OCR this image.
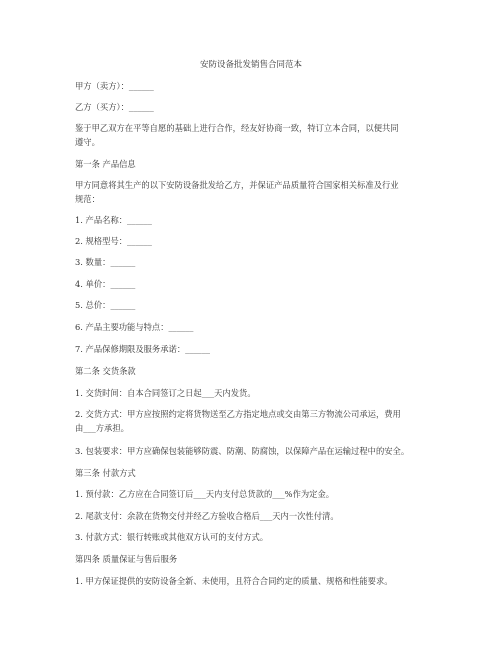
安防设备批发销售合同范本
甲方（卖方）：______
乙方（买方）：______
鉴于甲乙双方在平等自愿的基础上进行合作，经友好协商一致，特订立本合同，以便共同
遵守。
第一条 产品信息
甲方同意将其生产的以下安防设备批发给乙方，并保证产品质量符合国家相关标准及行业
规范：
1. 产品名称：______
2. 规格型号：______
3. 数量：______
4. 单价：______
5. 总价：______
6. 产品主要功能与特点：______
7. 产品保修期限及服务承诺：______
第二条 交货条款
1. 交货时间：自本合同签订之日起___天内发货。
2. 交货方式：甲方应按照约定将货物送至乙方指定地点或交由第三方物流公司承运，费用
由___方承担。
3. 包装要求：甲方应确保包装能够防震、防潮、防腐蚀，以保障产品在运输过程中的安全。
第三条 付款方式
1. 预付款：乙方应在合同签订后___天内支付总货款的___%作为定金。
2. 尾款支付：余款在货物交付并经乙方验收合格后___天内一次性付清。
3. 付款方式：银行转账或其他双方认可的支付方式。
第四条 质量保证与售后服务
1. 甲方保证提供的安防设备全新、未使用，且符合合同约定的质量、规格和性能要求。
